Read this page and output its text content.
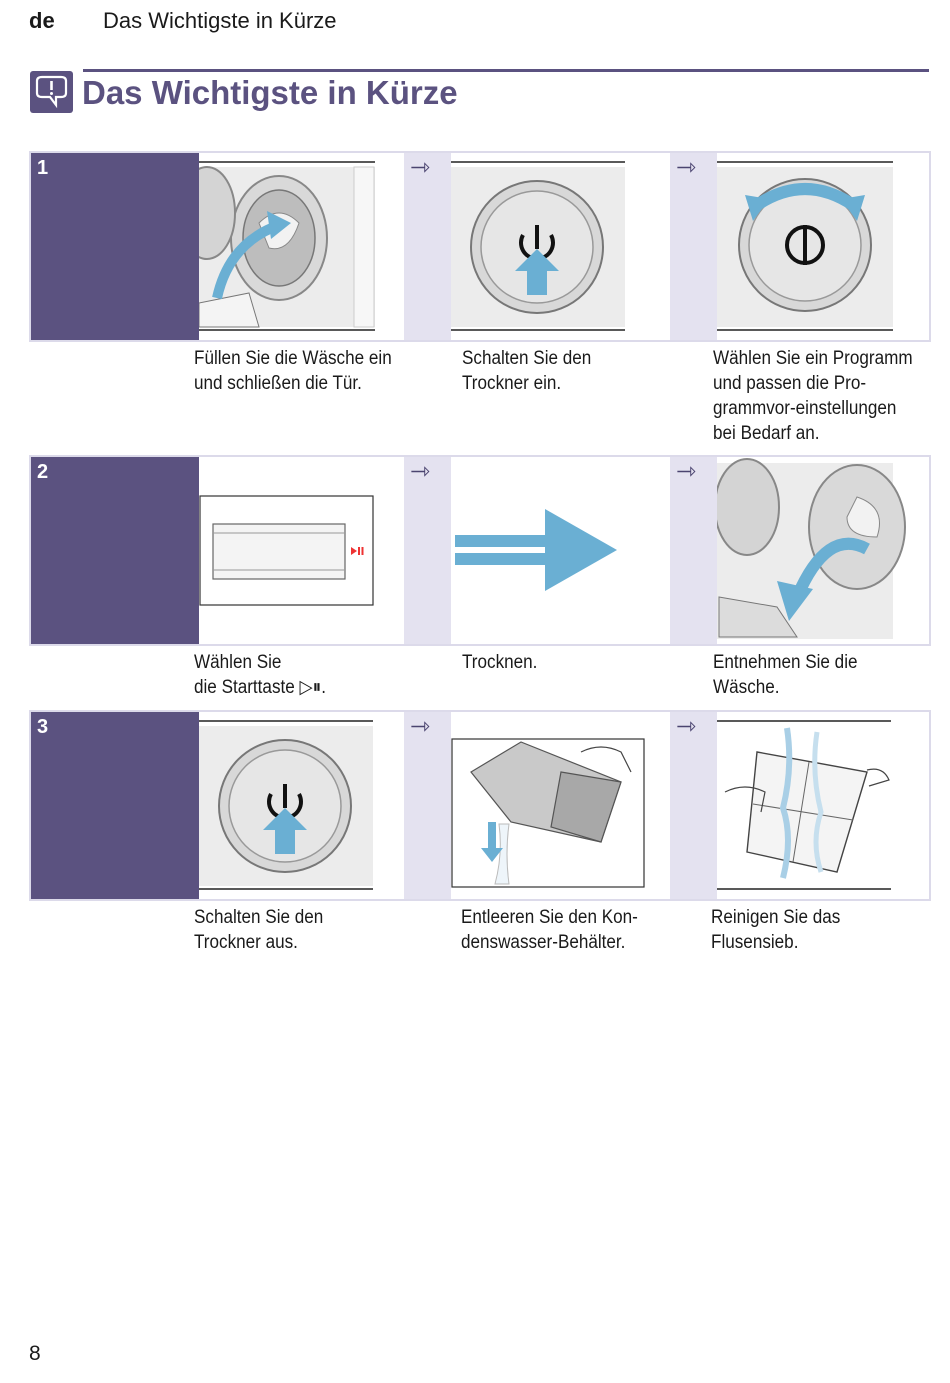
de Das Wichtigste in Kürze
Das Wichtigste in Kürze
1	⇾	⇾
Füllen Sie die Wäsche ein
und schließen die Tür.
Schalten Sie den
Trockner ein.
Wählen Sie ein Programm
und passen die Pro-
grammvor-einstellungen
bei Bedarf an.
2	⇾	⇾
Wählen Sie
die Starttaste ▷⏸.
Trocknen.	Entnehmen Sie die
Wäsche.
3	⇾	⇾
Schalten Sie den
Trockner aus.
Entleeren Sie den Kon-
denswasser-Behälter.
Reinigen Sie das
Flusensieb.
8
